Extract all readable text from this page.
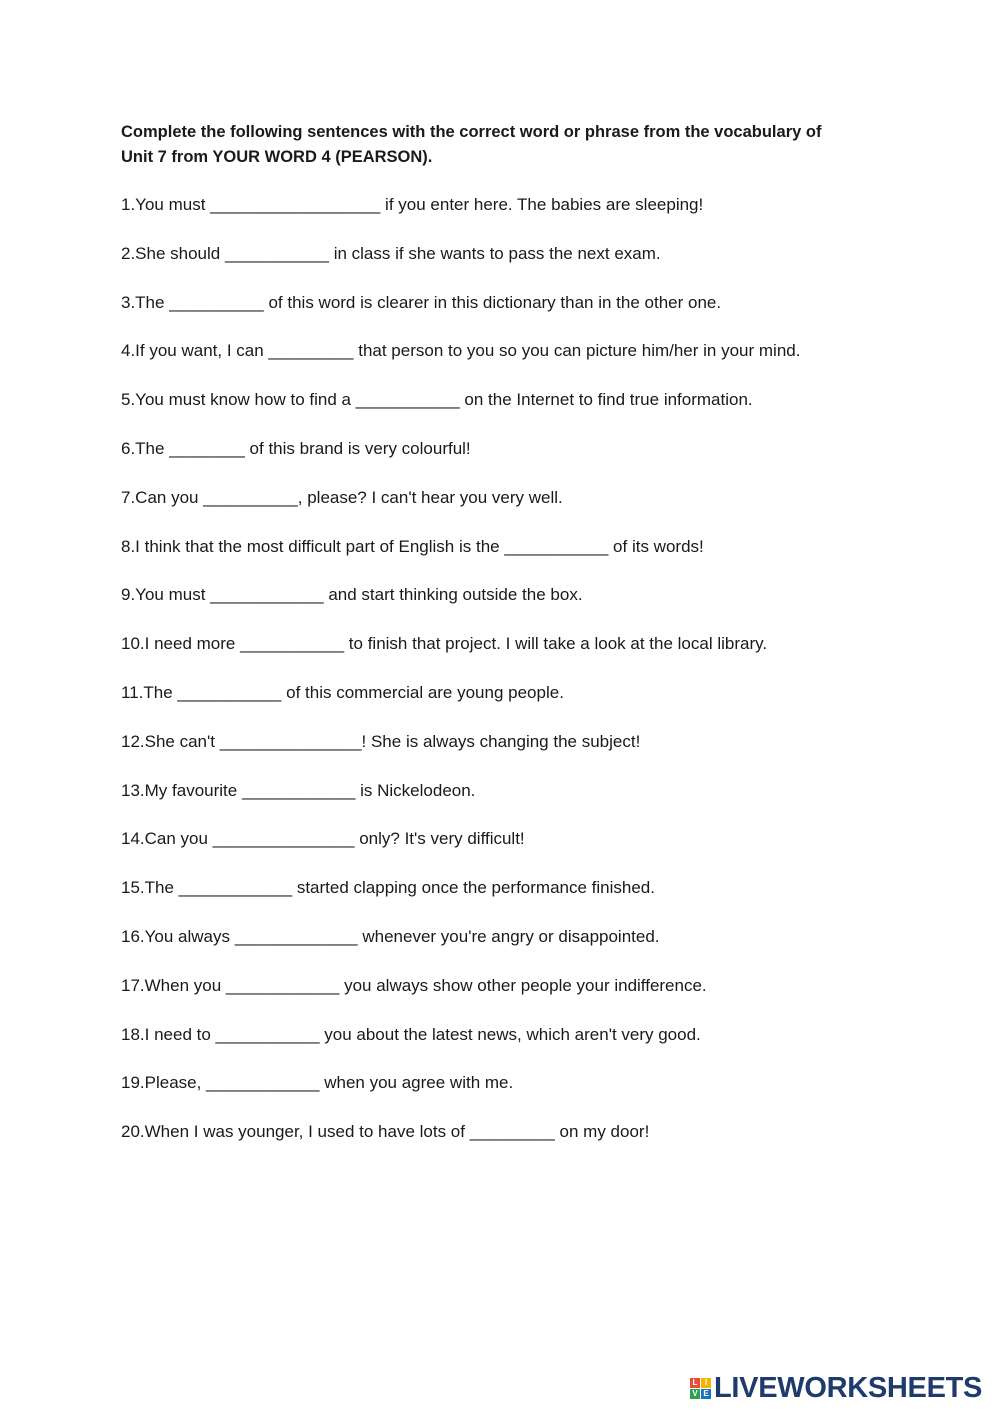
Complete the following sentences with the correct word or phrase from the vocabulary of Unit 7 from YOUR WORD 4 (PEARSON).

1.You must __________________ if you enter here. The babies are sleeping!
2.She should ___________ in class if she wants to pass the next exam.
3.The __________ of this word is clearer in this dictionary than in the other one.
4.If you want, I can _________ that person to you so you can picture him/her in your mind.
5.You must know how to find a ___________ on the Internet to find true information.
6.The ________ of this brand is very colourful!
7.Can you __________, please? I can't hear you very well.
8.I think that the most difficult part of English is the ___________ of its words!
9.You must ____________ and start thinking outside the box.
10.I need more ___________ to finish that project. I will take a look at the local library.
11.The ___________ of this commercial are young people.
12.She can't _______________! She is always changing the subject!
13.My favourite ____________ is Nickelodeon.
14.Can you _______________ only? It's very difficult!
15.The ____________ started clapping once the performance finished.
16.You always _____________ whenever you're angry or disappointed.
17.When you ____________ you always show other people your indifference.
18.I need to ___________ you about the latest news, which aren't very good.
19.Please, ____________ when you agree with me.
20.When I was younger, I used to have lots of _________ on my door!
L I
V E LIVEWORKSHEETS
